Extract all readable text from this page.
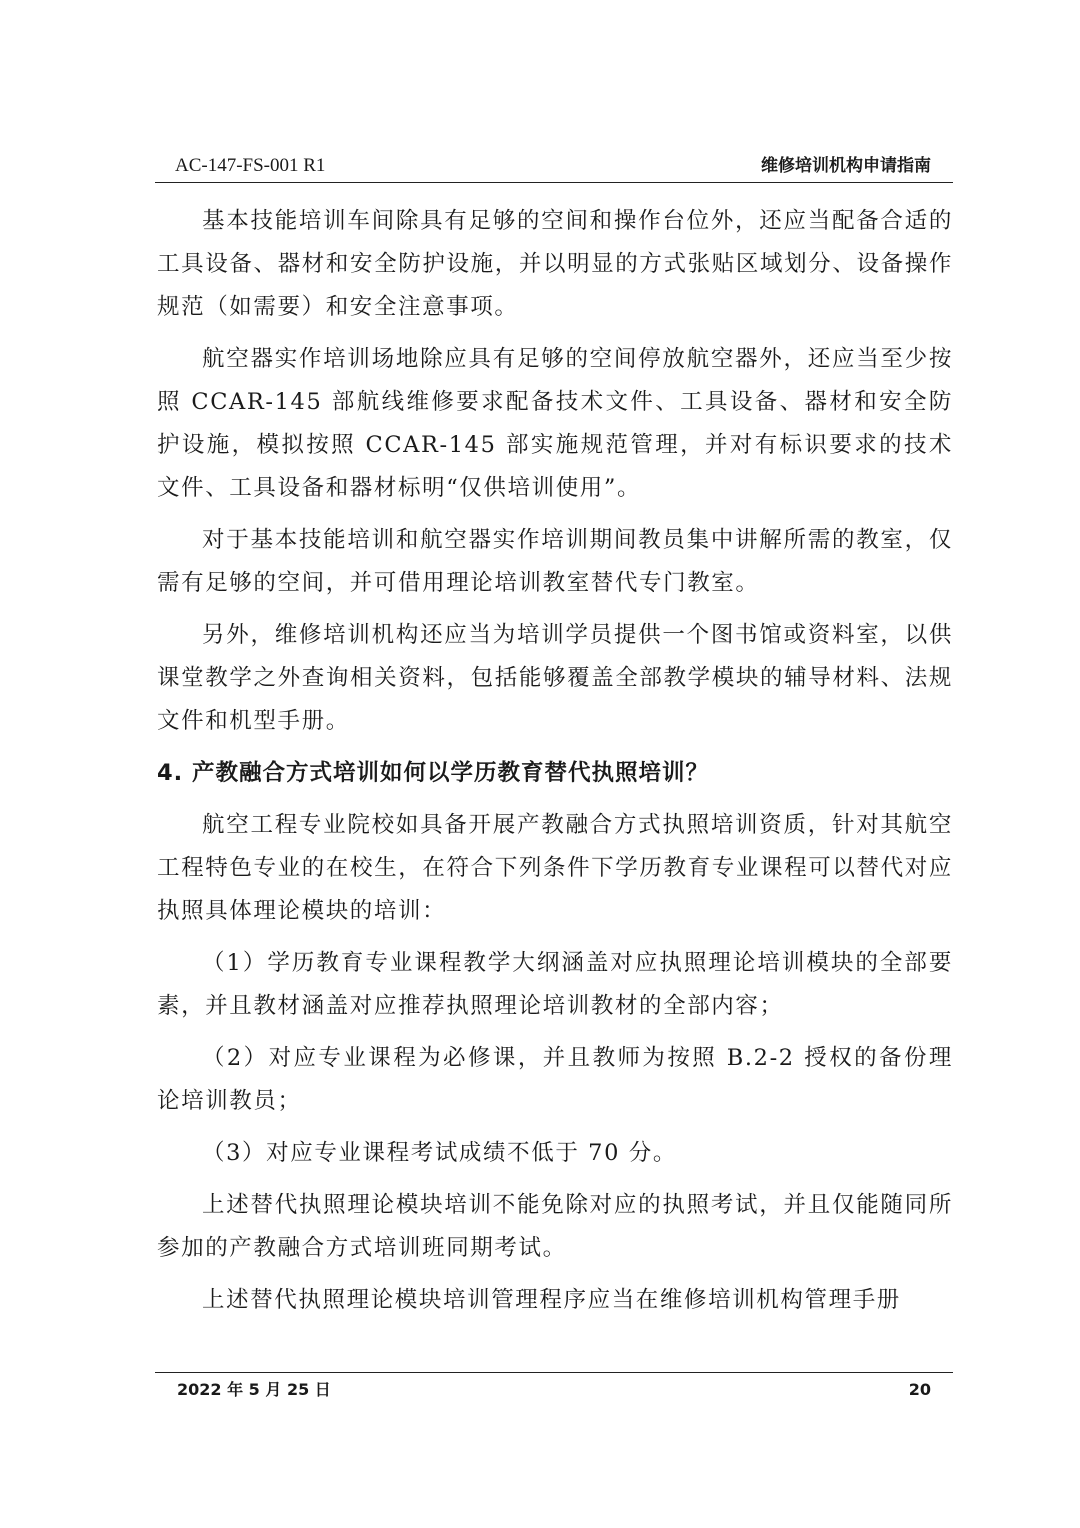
AC-147-FS-001 R1	维修培训机构申请指南

基本技能培训车间除具有足够的空间和操作台位外，还应当配备合适的工具设备、器材和安全防护设施，并以明显的方式张贴区域划分、设备操作规范（如需要）和安全注意事项。

航空器实作培训场地除应具有足够的空间停放航空器外，还应当至少按照 CCAR-145 部航线维修要求配备技术文件、工具设备、器材和安全防护设施，模拟按照 CCAR-145 部实施规范管理，并对有标识要求的技术文件、工具设备和器材标明“仅供培训使用”。

对于基本技能培训和航空器实作培训期间教员集中讲解所需的教室，仅需有足够的空间，并可借用理论培训教室替代专门教室。

另外，维修培训机构还应当为培训学员提供一个图书馆或资料室，以供课堂教学之外查询相关资料，包括能够覆盖全部教学模块的辅导材料、法规文件和机型手册。

4. 产教融合方式培训如何以学历教育替代执照培训？

航空工程专业院校如具备开展产教融合方式执照培训资质，针对其航空工程特色专业的在校生，在符合下列条件下学历教育专业课程可以替代对应执照具体理论模块的培训：

（1）学历教育专业课程教学大纲涵盖对应执照理论培训模块的全部要素，并且教材涵盖对应推荐执照理论培训教材的全部内容；

（2）对应专业课程为必修课，并且教师为按照 B.2-2 授权的备份理论培训教员；

（3）对应专业课程考试成绩不低于 70 分。

上述替代执照理论模块培训不能免除对应的执照考试，并且仅能随同所参加的产教融合方式培训班同期考试。

上述替代执照理论模块培训管理程序应当在维修培训机构管理手册

2022 年 5 月 25 日	20
